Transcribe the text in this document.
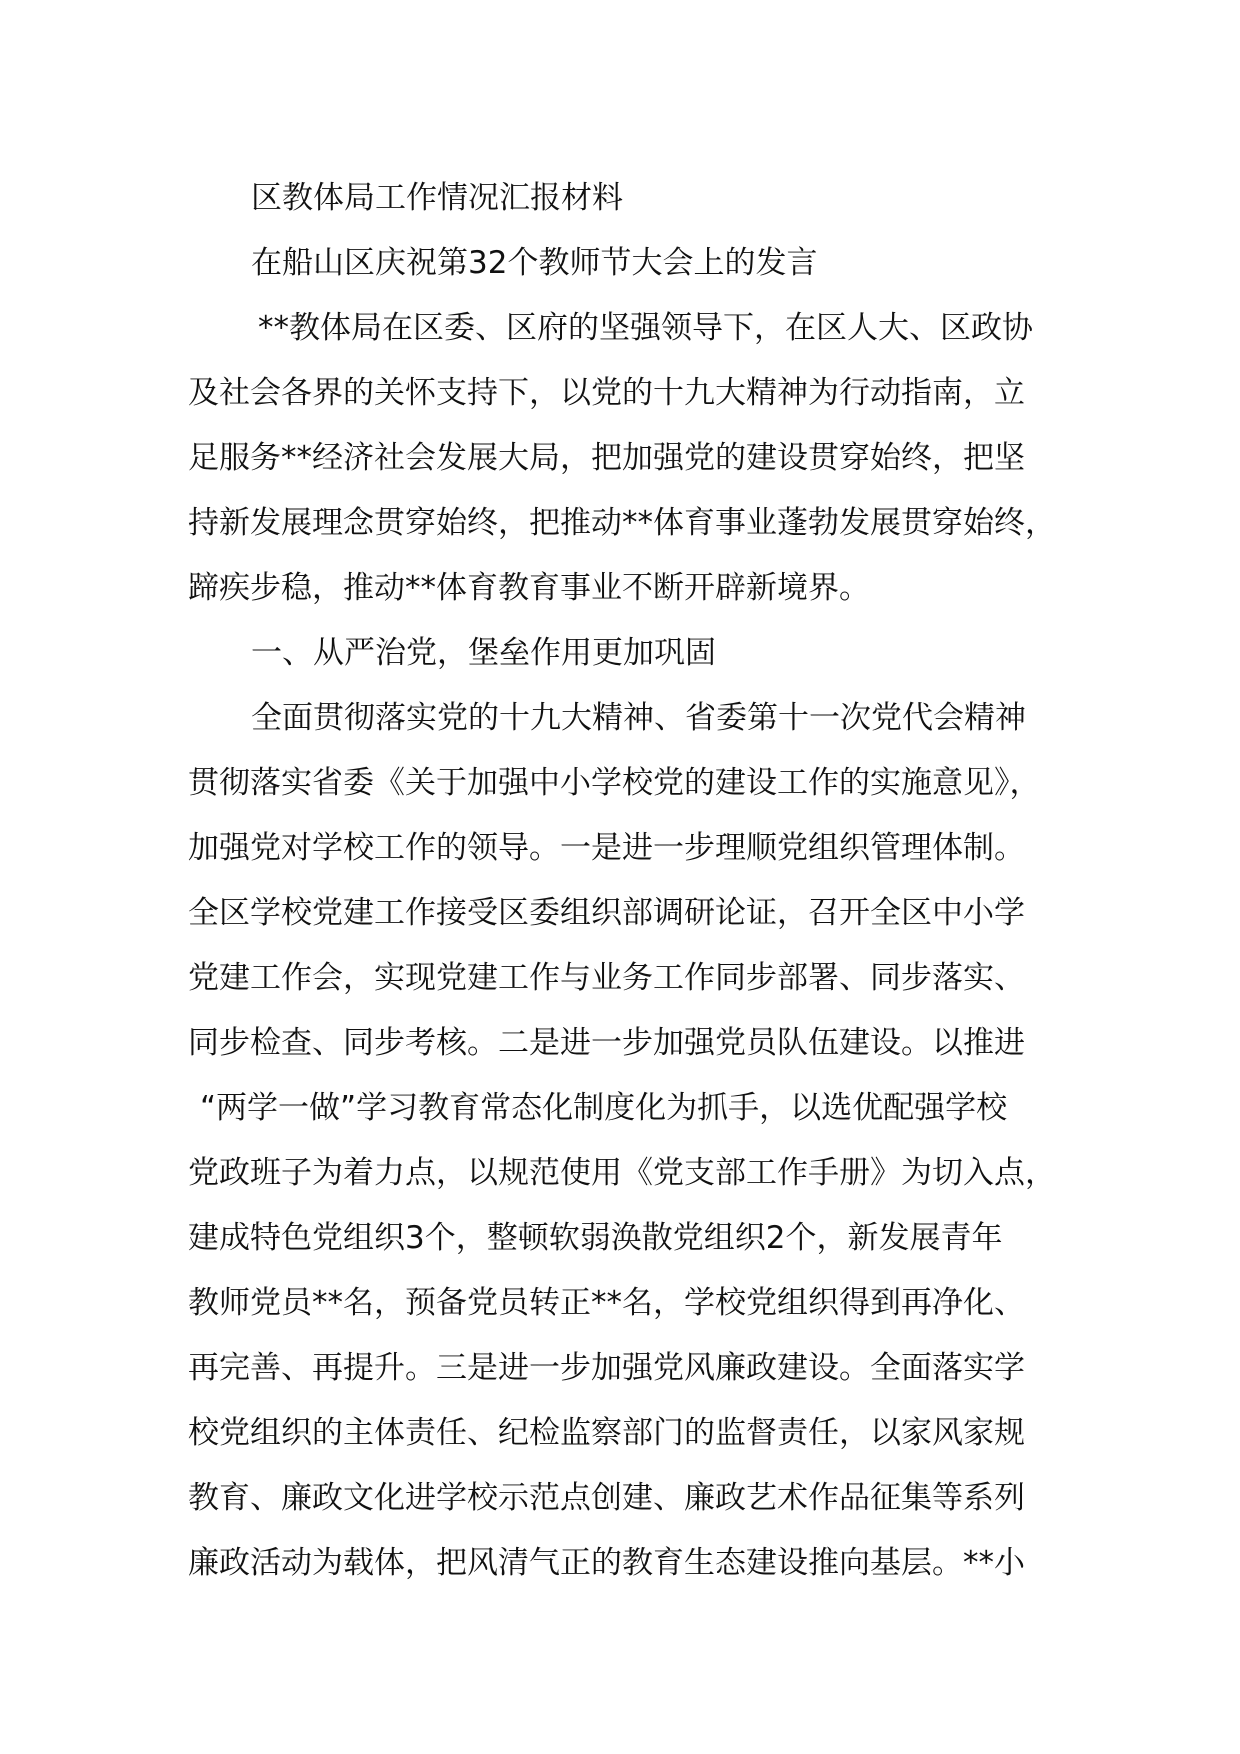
区教体局工作情况汇报材料
在船山区庆祝第32个教师节大会上的发言
**教体局在区委、区府的坚强领导下，在区人大、区政协
及社会各界的关怀支持下，以党的十九大精神为行动指南，立
足服务**经济社会发展大局，把加强党的建设贯穿始终，把坚
持新发展理念贯穿始终，把推动**体育事业蓬勃发展贯穿始终，
蹄疾步稳，推动**体育教育事业不断开辟新境界。
一、从严治党，堡垒作用更加巩固
全面贯彻落实党的十九大精神、省委第十一次党代会精神
贯彻落实省委《关于加强中小学校党的建设工作的实施意见》，
加强党对学校工作的领导。一是进一步理顺党组织管理体制。
全区学校党建工作接受区委组织部调研论证，召开全区中小学
党建工作会，实现党建工作与业务工作同步部署、同步落实、
同步检查、同步考核。二是进一步加强党员队伍建设。以推进
“两学一做”学习教育常态化制度化为抓手，以选优配强学校
党政班子为着力点，以规范使用《党支部工作手册》为切入点，
建成特色党组织3个，整顿软弱涣散党组织2个，新发展青年
教师党员**名，预备党员转正**名，学校党组织得到再净化、
再完善、再提升。三是进一步加强党风廉政建设。全面落实学
校党组织的主体责任、纪检监察部门的监督责任，以家风家规
教育、廉政文化进学校示范点创建、廉政艺术作品征集等系列
廉政活动为载体，把风清气正的教育生态建设推向基层。**小
